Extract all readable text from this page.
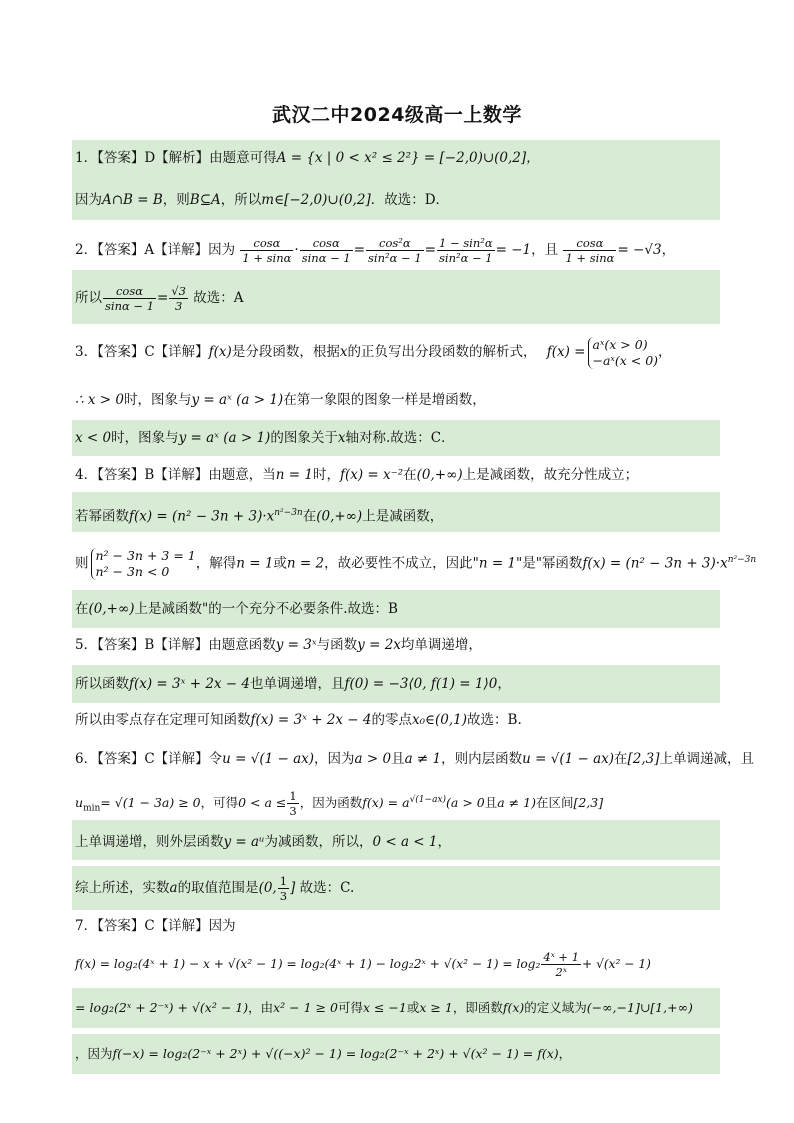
武汉二中2024级高一上数学
1．【答案】D【解析】由题意可得A = {x | 0 < x² ≤ 2²} = [−2,0)∪(0,2]，
因为A∩B = B，则B⊆A，所以m∈[−2,0)∪(0,2]．故选：D．
2．【答案】A【详解】因为 $\frac{\cos\alpha}{1 + \sin\alpha} \cdot \frac{\cos\alpha}{\sin\alpha - 1} = \frac{\text{cos²α}}{\text{sin²α − 1}} = \frac{\text{1 − sin²α}}{\text{sin²α − 1}} = -1$，且 $\frac{\cos\alpha}{1 + \sin\alpha} = -√3$，
所以 $\frac{\cos\alpha}{\sin\alpha - 1} = \frac{√3}{3}$ 故选：A
3．【答案】C【详解】f(x)是分段函数，根据x的正负写出分段函数的解析式， f(x) = aˣ(x > 0)
−aˣ(x < 0) ，
∴ x > 0时，图象与y = aˣ (a > 1)在第一象限的图象一样是增函数，
x < 0时，图象与y = aˣ (a > 1)的图象关于x轴对称.故选：C．
4．【答案】B【详解】由题意，当n = 1时，f(x) = x⁻²在(0,+∞)上是减函数，故充分性成立；
若幂函数$f(x) = (n^2 - 3n + 3)\cdot x^{n^2-3n}$在(0,+∞)上是减函数，
则 n² − 3n + 3 = 1
n² − 3n < 0	，解得n = 1或n = 2，故必要性不成立，因此"n = 1"是"幂函数$f(x) = (n^2 - 3n + 3)\cdot x^{n^2-3n}$
在(0,+∞)上是减函数"的一个充分不必要条件.故选：B
5．【答案】B【详解】由题意函数y = 3ˣ与函数y = 2x均单调递增，
所以函数f(x) = 3ˣ + 2x − 4也单调递增，且f(0) = −3⟨0, f(1) = 1⟩0，
所以由零点存在定理可知函数f(x) = 3ˣ + 2x − 4的零点x₀∈(0,1)故选：B.
6．【答案】C【详解】令u = √(1 − ax)，因为a > 0且a ≠ 1，则内层函数u = √(1 − ax)在[2,3]上单调递减，且
$u_{min}= √(1 - 3a) \ge 0$，可得$0 < a \le \frac{1}{3}$ ，因为函数$f(x) = a^{√(1-ax)}(a > 0$且a ≠ 1)在区间[2,3]
上单调递增，则外层函数y = aᵘ为减函数，所以，0 < a < 1，
综上所述，实数a的取值范围是(0, $\frac{1}{3}$ ] 故选：C.
7．【答案】C【详解】因为
f(x) = log₂(4ˣ + 1) − x + √(x² − 1) = log₂(4ˣ + 1) − log₂2ˣ + $√(x^2 - 1) = \log_2 \frac{\text{4ˣ + 1}}{\text{2ˣ}} + √(x^2 - 1)$
= log₂(2ˣ + 2⁻ˣ) + √(x² − 1)，由x² − 1 ≥ 0可得x ≤ −1或x ≥ 1，即函数f(x)的定义域为(−∞,−1]∪[1,+∞)
，因为f(−x) = log₂(2⁻ˣ + 2ˣ) + √((−x)² − 1) = log₂(2⁻ˣ + 2ˣ) + √(x² − 1) = f(x)，
